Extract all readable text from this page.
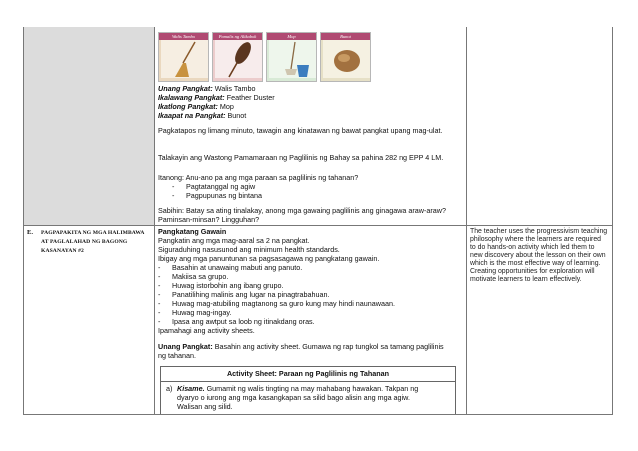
Walis Tambo	Pamalis ng Alikabok	Mop	Bunot
Unang Pangkat: Walis Tambo
Ikalawang Pangkat: Feather Duster
Ikatlong Pangkat: Mop
Ikaapat na Pangkat: Bunot
Pagkatapos ng limang minuto, tawagin ang kinatawan ng bawat pangkat upang mag-ulat.
Talakayin ang Wastong Pamamaraan ng Paglilinis ng Bahay sa pahina 282 ng EPP 4 LM.
Itanong: Anu-ano pa ang mga paraan sa paglilinis ng tahanan?
- Pagtatanggal ng agiw
- Pagpupunas ng bintana
Sabihin: Batay sa ating tinalakay, anong mga gawaing paglilinis ang ginagawa araw-araw?
Paminsan-minsan? Lingguhan?
E. PAGPAPAKITA NG MGA HALIMBAWA
AT PAGLALAHAD NG BAGONG
KASANAYAN #2
Pangkatang Gawain
Pangkatin ang mga mag-aaral sa 2 na pangkat.
Siguraduhing nasusunod ang minimum health standards.
Ibigay ang mga panuntunan sa pagsasagawa ng pangkatang gawain.
- Basahin at unawaing mabuti ang panuto.
- Makiisa sa grupo.
- Huwag istorbohin ang ibang grupo.
- Panatilihing malinis ang lugar na pinagtrabahuan.
- Huwag mag-atubiling magtanong sa guro kung may hindi naunawaan.
- Huwag mag-ingay.
- Ipasa ang awtput sa loob ng itinakdang oras.
Ipamahagi ang activity sheets.
Unang Pangkat: Basahin ang activity sheet. Gumawa ng rap tungkol sa tamang paglilinis
ng tahanan.
Activity Sheet: Paraan ng Paglilinis ng Tahanan
a) Kisame. Gumamit ng walis tingting na may mahabang hawakan. Takpan ng
dyaryo o iurong ang mga kasangkapan sa silid bago alisin ang mga agiw.
Walisan ang silid.
The teacher uses the progressivism teaching
philosophy where the learners are required
to do hands-on activity which led them to
new discovery about the lesson on their own
which is the most effective way of learning.
Creating opportunities for exploration will
motivate learners to learn effectively.
